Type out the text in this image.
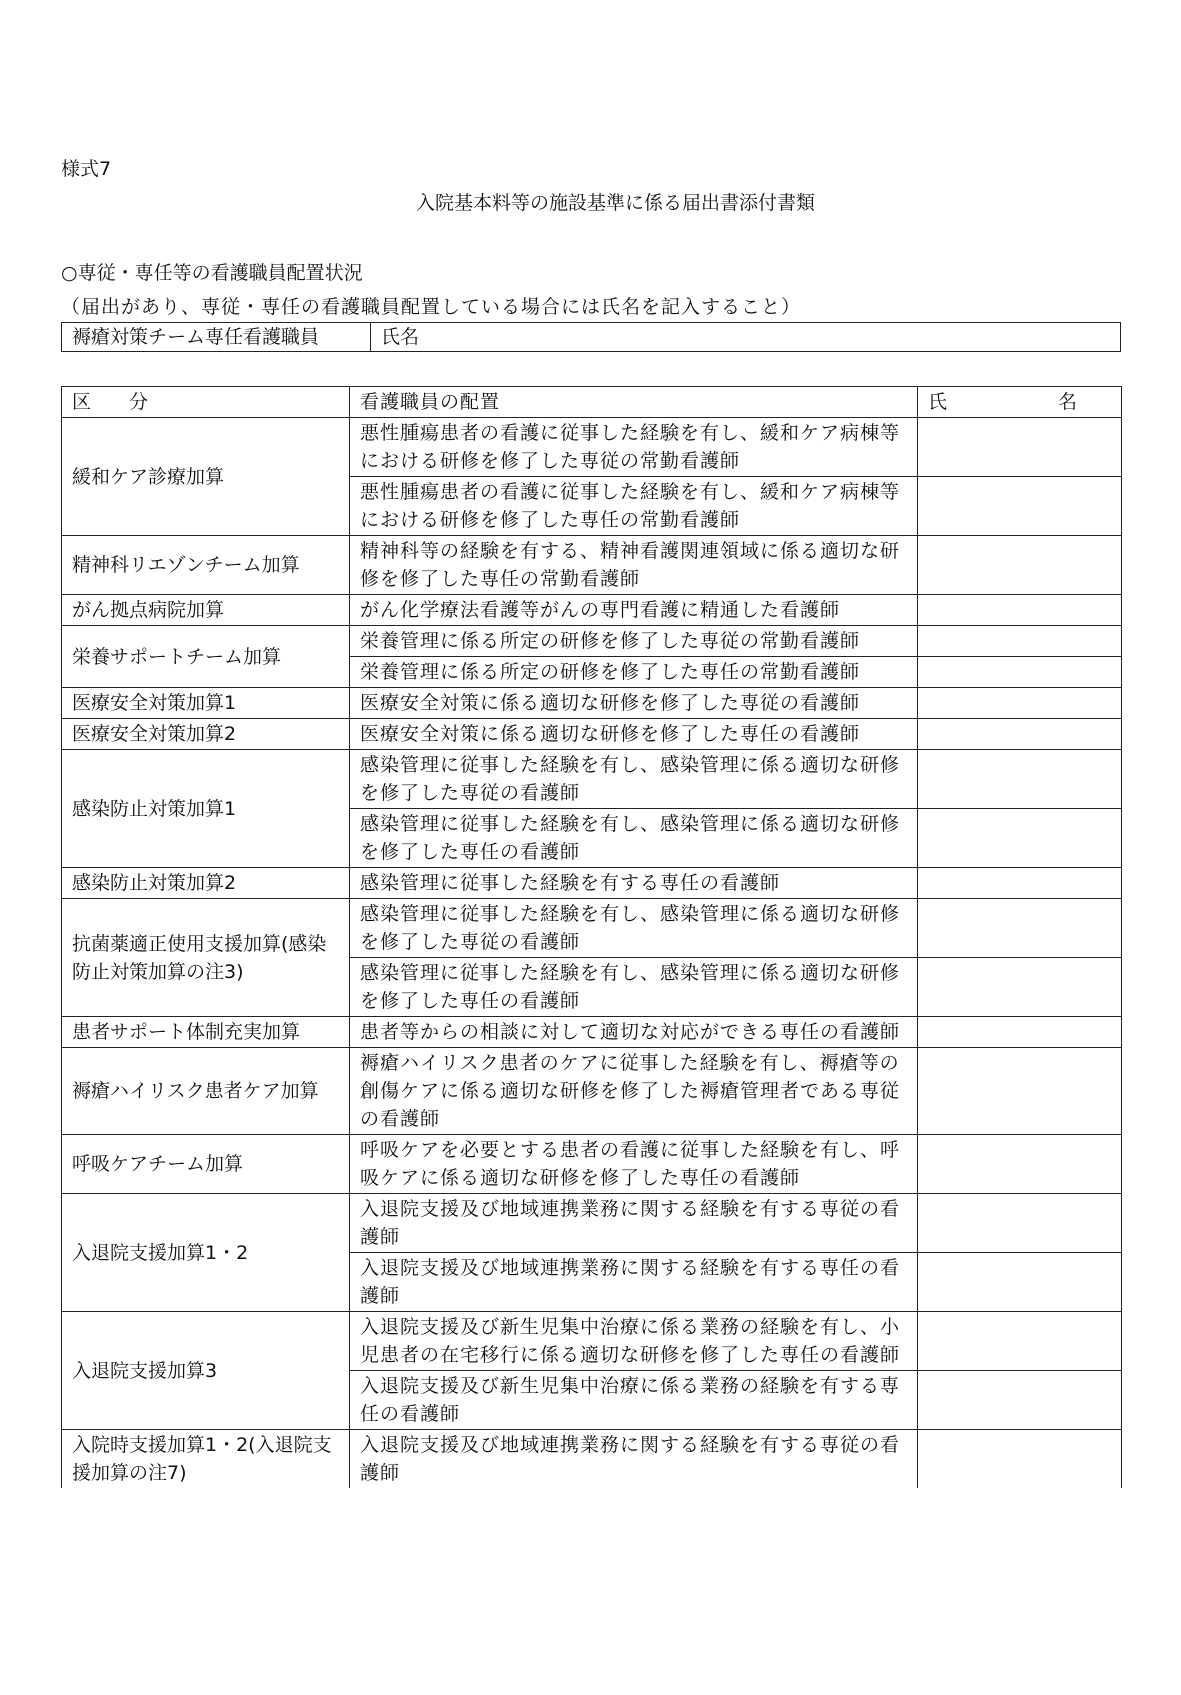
様式7
入院基本料等の施設基準に係る届出書添付書類
○専従・専任等の看護職員配置状況
（届出があり、専従・専任の看護職員配置している場合には氏名を記入すること）
褥瘡対策チーム専任看護職員	氏名
区　　分	看護職員の配置	氏 名

緩和ケア診療加算	悪性腫瘍患者の看護に従事した経験を有し、緩和ケア病棟等における研修を修了した専従の常勤看護師	
	悪性腫瘍患者の看護に従事した経験を有し、緩和ケア病棟等における研修を修了した専任の常勤看護師	
精神科リエゾンチーム加算	精神科等の経験を有する、精神看護関連領域に係る適切な研修を修了した専任の常勤看護師	
がん拠点病院加算	がん化学療法看護等がんの専門看護に精通した看護師	
栄養サポートチーム加算	栄養管理に係る所定の研修を修了した専従の常勤看護師	
	栄養管理に係る所定の研修を修了した専任の常勤看護師	
医療安全対策加算1	医療安全対策に係る適切な研修を修了した専従の看護師	
医療安全対策加算2	医療安全対策に係る適切な研修を修了した専任の看護師	
感染防止対策加算1	感染管理に従事した経験を有し、感染管理に係る適切な研修を修了した専従の看護師	
	感染管理に従事した経験を有し、感染管理に係る適切な研修を修了した専任の看護師	
感染防止対策加算2	感染管理に従事した経験を有する専任の看護師	
抗菌薬適正使用支援加算(感染防止対策加算の注3)	感染管理に従事した経験を有し、感染管理に係る適切な研修を修了した専従の看護師	
	感染管理に従事した経験を有し、感染管理に係る適切な研修を修了した専任の看護師	
患者サポート体制充実加算	患者等からの相談に対して適切な対応ができる専任の看護師	
褥瘡ハイリスク患者ケア加算	褥瘡ハイリスク患者のケアに従事した経験を有し、褥瘡等の創傷ケアに係る適切な研修を修了した褥瘡管理者である専従の看護師	
呼吸ケアチーム加算	呼吸ケアを必要とする患者の看護に従事した経験を有し、呼吸ケアに係る適切な研修を修了した専任の看護師	
入退院支援加算1・2	入退院支援及び地域連携業務に関する経験を有する専従の看護師	
	入退院支援及び地域連携業務に関する経験を有する専任の看護師	
入退院支援加算3	入退院支援及び新生児集中治療に係る業務の経験を有し、小児患者の在宅移行に係る適切な研修を修了した専任の看護師	
	入退院支援及び新生児集中治療に係る業務の経験を有する専任の看護師	
入院時支援加算1・2(入退院支援加算の注7)	入退院支援及び地域連携業務に関する経験を有する専従の看護師	
